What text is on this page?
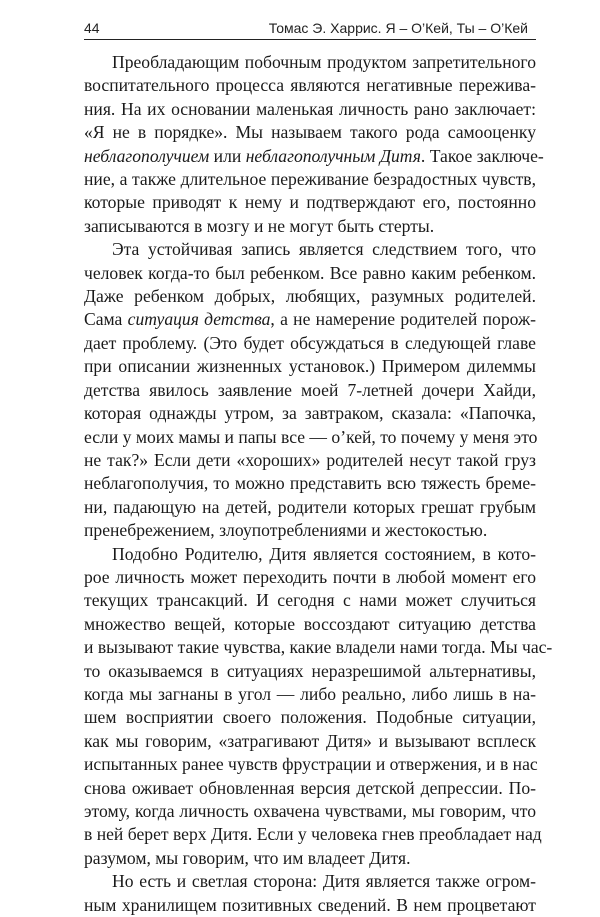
44	Томас Э. Харрис. Я – О’Кей, Ты – О’Кей

Преобладающим побочным продуктом запретительного
воспитательного процесса являются негативные пережива-
ния. На их основании маленькая личность рано заключает:
«Я не в порядке». Мы называем такого рода самооценку
неблагополучием или неблагополучным Дитя. Такое заключе-
ние, а также длительное переживание безрадостных чувств,
которые приводят к нему и подтверждают его, постоянно
записываются в мозгу и не могут быть стерты.

Эта устойчивая запись является следствием того, что
человек когда-то был ребенком. Все равно каким ребенком.
Даже ребенком добрых, любящих, разумных родителей.
Сама ситуация детства, а не намерение родителей порож-
дает проблему. (Это будет обсуждаться в следующей главе
при описании жизненных установок.) Примером дилеммы
детства явилось заявление моей 7-летней дочери Хайди,
которая однажды утром, за завтраком, сказала: «Папочка,
если у моих мамы и папы все — о’кей, то почему у меня это
не так?» Если дети «хороших» родителей несут такой груз
неблагополучия, то можно представить всю тяжесть бреме-
ни, падающую на детей, родители которых грешат грубым
пренебрежением, злоупотреблениями и жестокостью.

Подобно Родителю, Дитя является состоянием, в кото-
рое личность может переходить почти в любой момент его
текущих трансакций. И сегодня с нами может случиться
множество вещей, которые воссоздают ситуацию детства
и вызывают такие чувства, какие владели нами тогда. Мы час-
то оказываемся в ситуациях неразрешимой альтернативы,
когда мы загнаны в угол — либо реально, либо лишь в на-
шем восприятии своего положения. Подобные ситуации,
как мы говорим, «затрагивают Дитя» и вызывают всплеск
испытанных ранее чувств фрустрации и отвержения, и в нас
снова оживает обновленная версия детской депрессии. По-
этому, когда личность охвачена чувствами, мы говорим, что
в ней берет верх Дитя. Если у человека гнев преобладает над
разумом, мы говорим, что им владеет Дитя.

Но есть и светлая сторона: Дитя является также огром-
ным хранилищем позитивных сведений. В нем процветают
